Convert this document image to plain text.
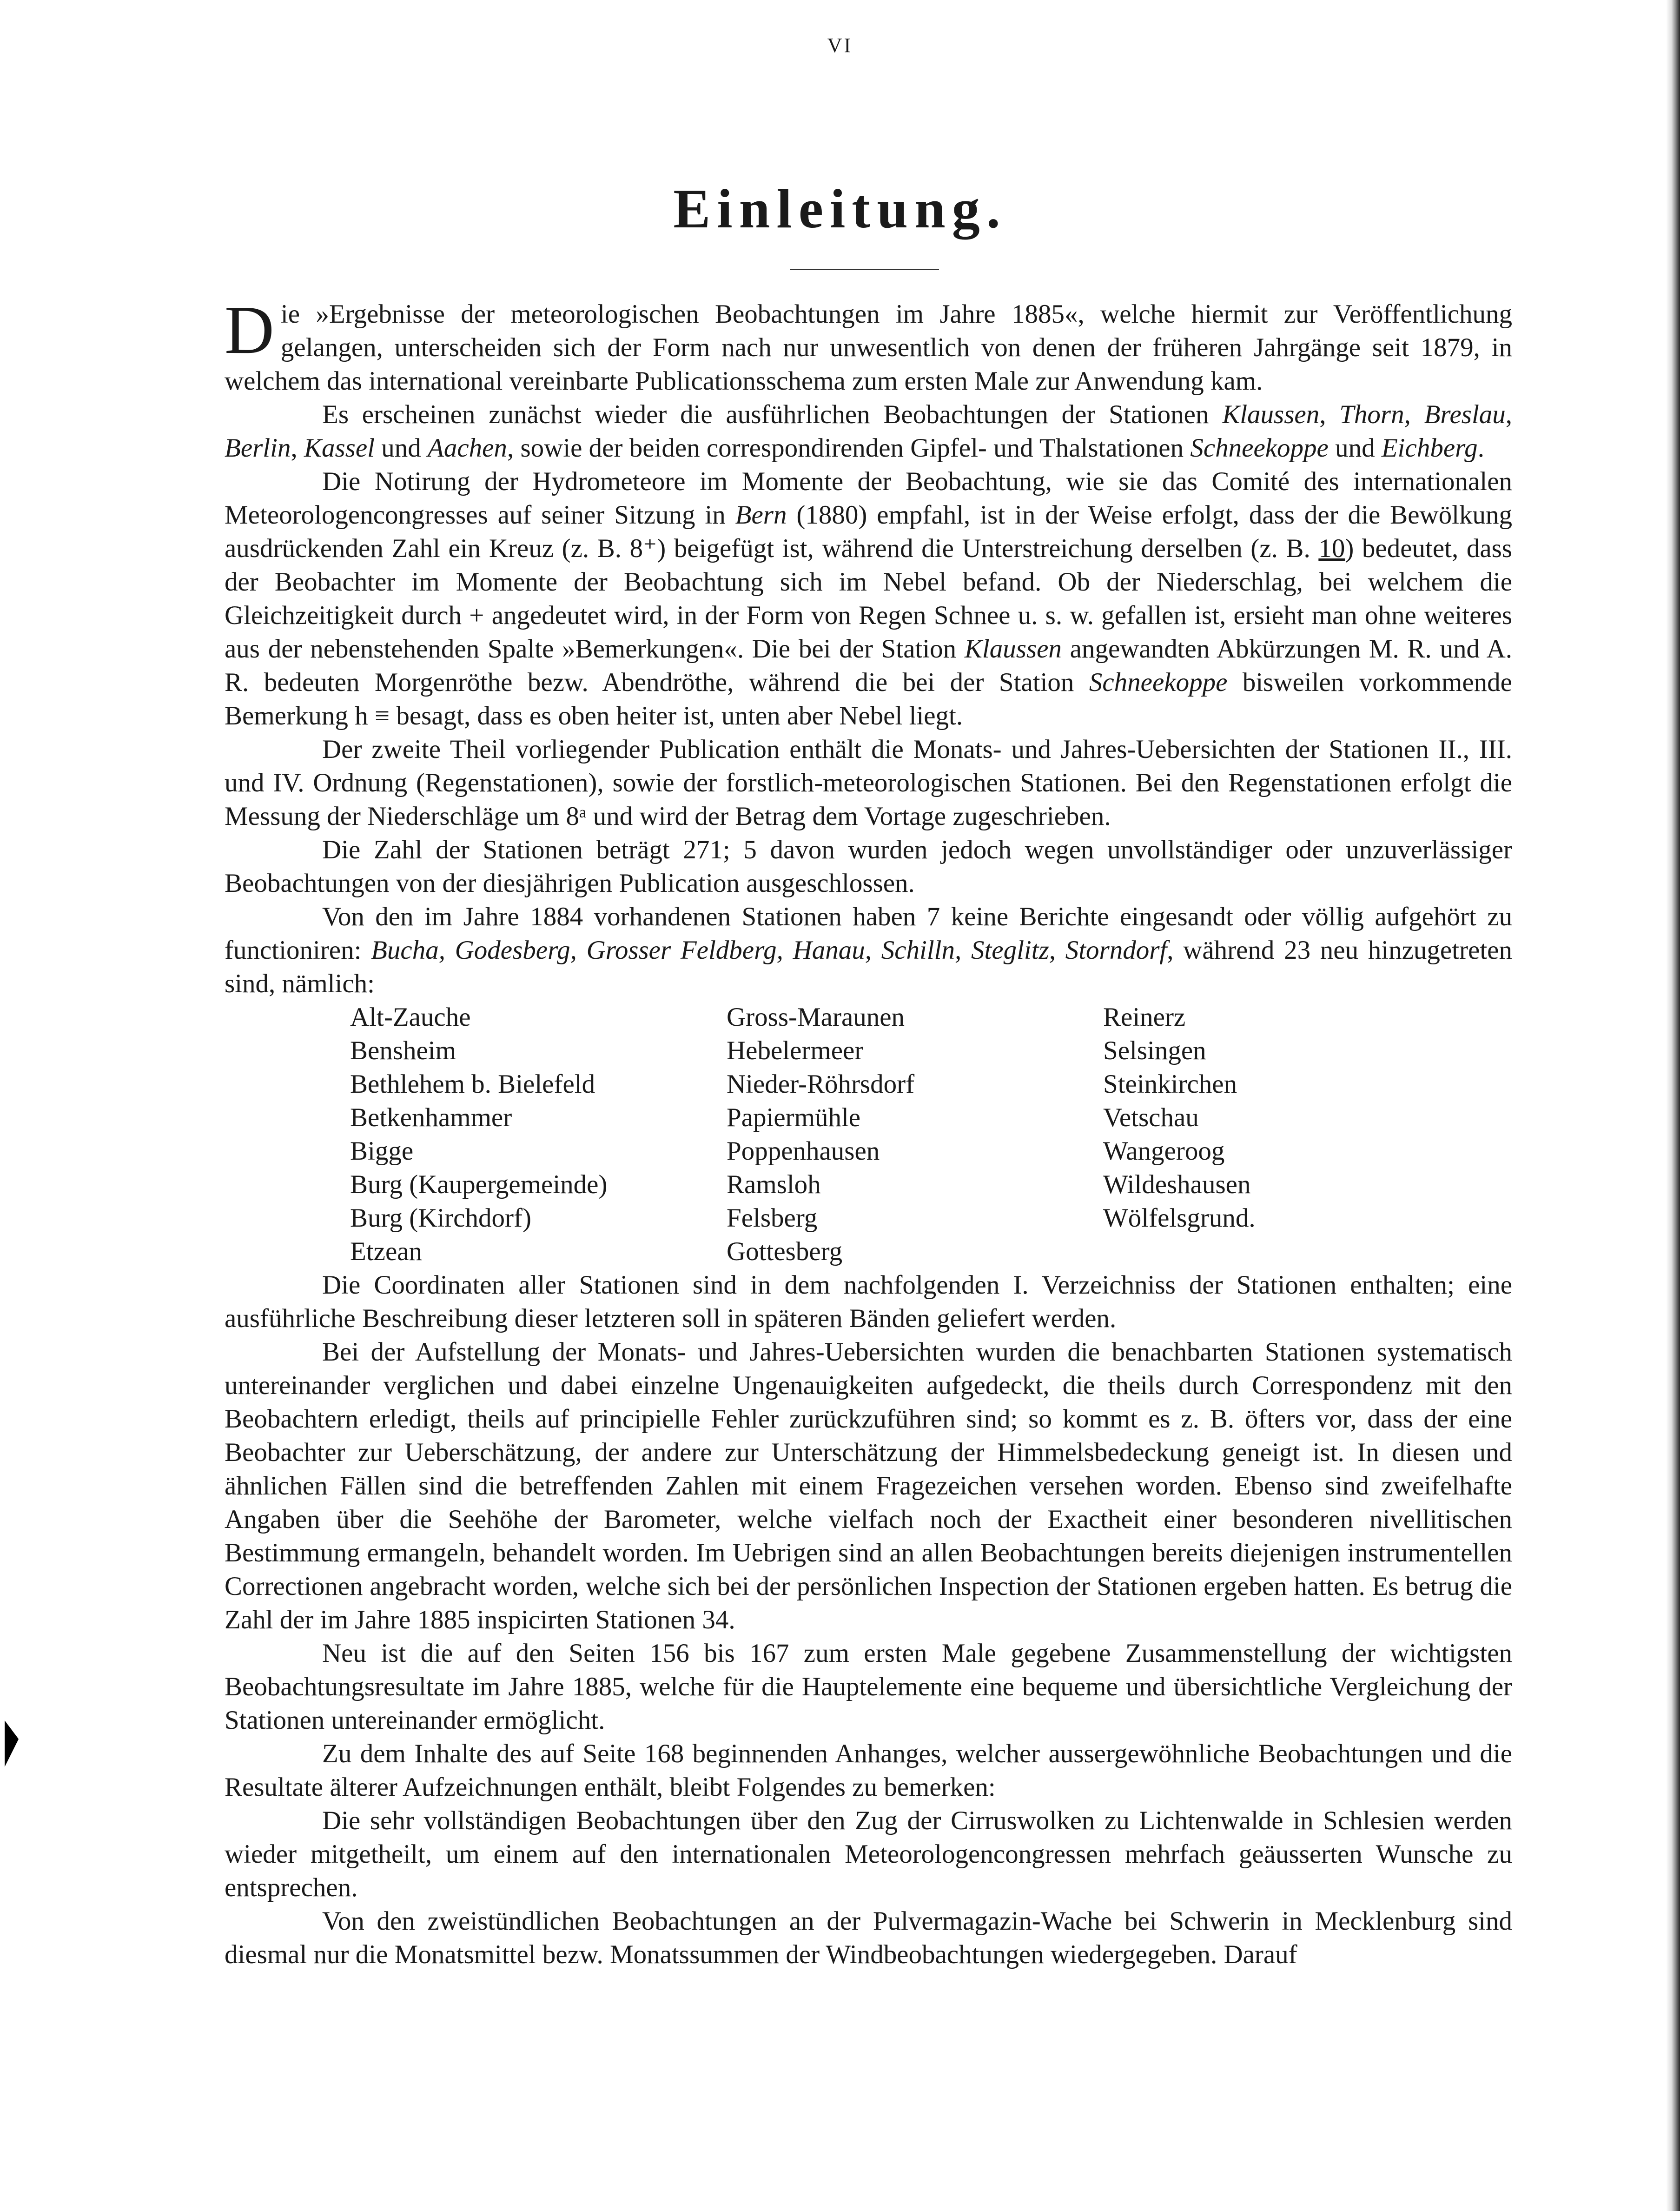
VI
Einleitung.

Die »Ergebnisse der meteorologischen Beobachtungen im Jahre 1885«, welche hiermit zur Veröffentlichung gelangen, unterscheiden sich der Form nach nur unwesentlich von denen der früheren Jahrgänge seit 1879, in welchem das international vereinbarte Publicationsschema zum ersten Male zur Anwendung kam.

Es erscheinen zunächst wieder die ausführlichen Beobachtungen der Stationen Klaussen, Thorn, Breslau, Berlin, Kassel und Aachen, sowie der beiden correspondirenden Gipfel- und Thalstationen Schneekoppe und Eichberg.

Die Notirung der Hydrometeore im Momente der Beobachtung, wie sie das Comité des internationalen Meteorologencongresses auf seiner Sitzung in Bern (1880) empfahl, ist in der Weise erfolgt, dass der die Bewölkung ausdrückenden Zahl ein Kreuz (z. B. 8⁺) beigefügt ist, während die Unterstreichung derselben (z. B. 10) bedeutet, dass der Beobachter im Momente der Beobachtung sich im Nebel befand. Ob der Niederschlag, bei welchem die Gleichzeitigkeit durch + angedeutet wird, in der Form von Regen Schnee u. s. w. gefallen ist, ersieht man ohne weiteres aus der nebenstehenden Spalte »Bemerkungen«. Die bei der Station Klaussen angewandten Abkürzungen M. R. und A. R. bedeuten Morgenröthe bezw. Abendröthe, während die bei der Station Schneekoppe bisweilen vorkommende Bemerkung h ≡ besagt, dass es oben heiter ist, unten aber Nebel liegt.

Der zweite Theil vorliegender Publication enthält die Monats- und Jahres-Uebersichten der Stationen II., III. und IV. Ordnung (Regenstationen), sowie der forstlich-meteorologischen Stationen. Bei den Regenstationen erfolgt die Messung der Niederschläge um 8ᵃ und wird der Betrag dem Vortage zugeschrieben.

Die Zahl der Stationen beträgt 271; 5 davon wurden jedoch wegen unvollständiger oder unzuverlässiger Beobachtungen von der diesjährigen Publication ausgeschlossen.

Von den im Jahre 1884 vorhandenen Stationen haben 7 keine Berichte eingesandt oder völlig aufgehört zu functioniren: Bucha, Godesberg, Grosser Feldberg, Hanau, Schilln, Steglitz, Storndorf, während 23 neu hinzugetreten sind, nämlich:

Alt-Zauche	Gross-Maraunen	Reinerz
Bensheim	Hebelermeer	Selsingen
Bethlehem b. Bielefeld	Nieder-Röhrsdorf	Steinkirchen
Betkenhammer	Papiermühle	Vetschau
Bigge	Poppenhausen	Wangeroog
Burg (Kaupergemeinde)	Ramsloh	Wildeshausen
Burg (Kirchdorf)	Felsberg	Wölfelsgrund.
Etzean	Gottesberg

Die Coordinaten aller Stationen sind in dem nachfolgenden I. Verzeichniss der Stationen enthalten; eine ausführliche Beschreibung dieser letzteren soll in späteren Bänden geliefert werden.

Bei der Aufstellung der Monats- und Jahres-Uebersichten wurden die benachbarten Stationen systematisch untereinander verglichen und dabei einzelne Ungenauigkeiten aufgedeckt, die theils durch Correspondenz mit den Beobachtern erledigt, theils auf principielle Fehler zurückzuführen sind; so kommt es z. B. öfters vor, dass der eine Beobachter zur Ueberschätzung, der andere zur Unterschätzung der Himmelsbedeckung geneigt ist. In diesen und ähnlichen Fällen sind die betreffenden Zahlen mit einem Fragezeichen versehen worden. Ebenso sind zweifelhafte Angaben über die Seehöhe der Barometer, welche vielfach noch der Exactheit einer besonderen nivellitischen Bestimmung ermangeln, behandelt worden. Im Uebrigen sind an allen Beobachtungen bereits diejenigen instrumentellen Correctionen angebracht worden, welche sich bei der persönlichen Inspection der Stationen ergeben hatten. Es betrug die Zahl der im Jahre 1885 inspicirten Stationen 34.

Neu ist die auf den Seiten 156 bis 167 zum ersten Male gegebene Zusammenstellung der wichtigsten Beobachtungsresultate im Jahre 1885, welche für die Hauptelemente eine bequeme und übersichtliche Vergleichung der Stationen untereinander ermöglicht.

Zu dem Inhalte des auf Seite 168 beginnenden Anhanges, welcher aussergewöhnliche Beobachtungen und die Resultate älterer Aufzeichnungen enthält, bleibt Folgendes zu bemerken:

Die sehr vollständigen Beobachtungen über den Zug der Cirruswolken zu Lichtenwalde in Schlesien werden wieder mitgetheilt, um einem auf den internationalen Meteorologencongressen mehrfach geäusserten Wunsche zu entsprechen.

Von den zweistündlichen Beobachtungen an der Pulvermagazin-Wache bei Schwerin in Mecklenburg sind diesmal nur die Monatsmittel bezw. Monatssummen der Windbeobachtungen wiedergegeben. Darauf
